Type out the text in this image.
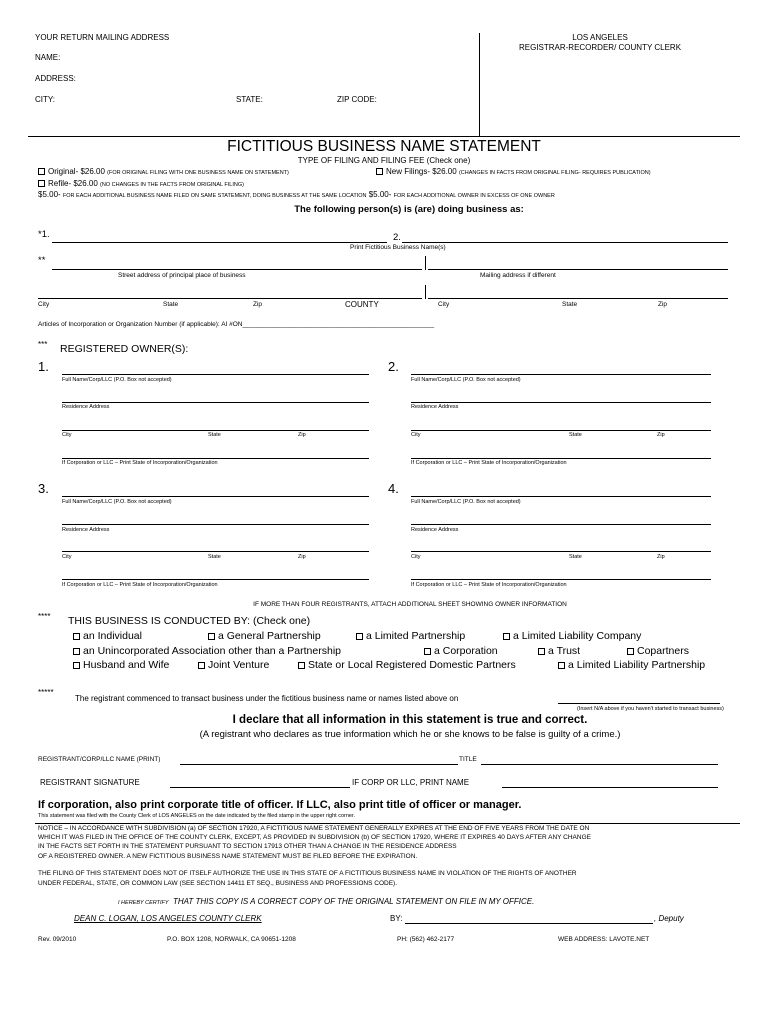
YOUR RETURN MAILING ADDRESS
NAME:
ADDRESS:
CITY:	STATE:	ZIP CODE:
LOS ANGELES
REGISTRAR-RECORDER/ COUNTY CLERK
FICTITIOUS BUSINESS NAME STATEMENT
TYPE OF FILING AND FILING FEE (Check one)
Original- $26.00 (FOR ORIGINAL FILING WITH ONE BUSINESS NAME ON STATEMENT)	New Filings- $26.00 (CHANGES IN FACTS FROM ORIGINAL FILING- REQUIRES PUBLICATION)
Refile- $26.00 (NO CHANGES IN THE FACTS FROM ORIGINAL FILING)
$5.00- FOR EACH ADDITIONAL BUSINESS NAME FILED ON SAME STATEMENT, DOING BUSINESS AT THE SAME LOCATION $5.00- FOR EACH ADDITIONAL OWNER IN EXCESS OF ONE OWNER
The following person(s) is (are) doing business as:
*1.	2.
Print Fictitious Business Name(s)
**
Street address of principal place of business	Mailing address if different
City	State	Zip	COUNTY	City	State	Zip
Articles of Incorporation or Organization Number (if applicable): AI #ON_____________________________________________________
*** REGISTERED OWNER(S):
1.
Full Name/Corp/LLC (P.O. Box not accepted)
Residence Address
City	State	Zip
If Corporation or LLC – Print State of Incorporation/Organization
2.
Full Name/Corp/LLC (P.O. Box not accepted)
Residence Address
City	State	Zip
If Corporation or LLC – Print State of Incorporation/Organization
3.
Full Name/Corp/LLC (P.O. Box not accepted)
Residence Address
City	State	Zip
If Corporation or LLC – Print State of Incorporation/Organization
4.
Full Name/Corp/LLC (P.O. Box not accepted)
Residence Address
City	State	Zip
If Corporation or LLC – Print State of Incorporation/Organization
IF MORE THAN FOUR REGISTRANTS, ATTACH ADDITIONAL SHEET SHOWING OWNER INFORMATION
**** THIS BUSINESS IS CONDUCTED BY: (Check one)
an Individual	a General Partnership	a Limited Partnership	a Limited Liability Company
an Unincorporated Association other than a Partnership	a Corporation	a Trust	Copartners
Husband and Wife	Joint Venture	State or Local Registered Domestic Partners	a Limited Liability Partnership
*****
The registrant commenced to transact business under the fictitious business name or names listed above on
(Insert N/A above if you haven't started to transact business)
I declare that all information in this statement is true and correct.
(A registrant who declares as true information which he or she knows to be false is guilty of a crime.)
REGISTRANT/CORP/LLC NAME (PRINT)	TITLE
REGISTRANT SIGNATURE	IF CORP OR LLC, PRINT NAME
If corporation, also print corporate title of officer. If LLC, also print title of officer or manager.
This statement was filed with the County Clerk of LOS ANGELES on the date indicated by the filed stamp in the upper right corner.
NOTICE – IN ACCORDANCE WITH SUBDIVISION (a) OF SECTION 17920, A FICTITIOUS NAME STATEMENT GENERALLY EXPIRES AT THE END OF FIVE YEARS FROM THE DATE ON
WHICH IT WAS FILED IN THE OFFICE OF THE COUNTY CLERK, EXCEPT, AS PROVIDED IN SUBDIVISION (b) OF SECTION 17920, WHERE IT EXPIRES 40 DAYS AFTER ANY CHANGE
IN THE FACTS SET FORTH IN THE STATEMENT PURSUANT TO SECTION 17913 OTHER THAN A CHANGE IN THE RESIDENCE ADDRESS
OF A REGISTERED OWNER. A NEW FICTITIOUS BUSINESS NAME STATEMENT MUST BE FILED BEFORE THE EXPIRATION.
THE FILING OF THIS STATEMENT DOES NOT OF ITSELF AUTHORIZE THE USE IN THIS STATE OF A FICTITIOUS BUSINESS NAME IN VIOLATION OF THE RIGHTS OF ANOTHER
UNDER FEDERAL, STATE, OR COMMON LAW (SEE SECTION 14411 ET SEQ., BUSINESS AND PROFESSIONS CODE).
I HEREBY CERTIFY THAT THIS COPY IS A CORRECT COPY OF THE ORIGINAL STATEMENT ON FILE IN MY OFFICE.
DEAN C. LOGAN, LOS ANGELES COUNTY CLERK	BY:	, Deputy
Rev. 09/2010	P.O. BOX 1208, NORWALK, CA 90651-1208	PH: (562) 462-2177	WEB ADDRESS: LAVOTE.NET
